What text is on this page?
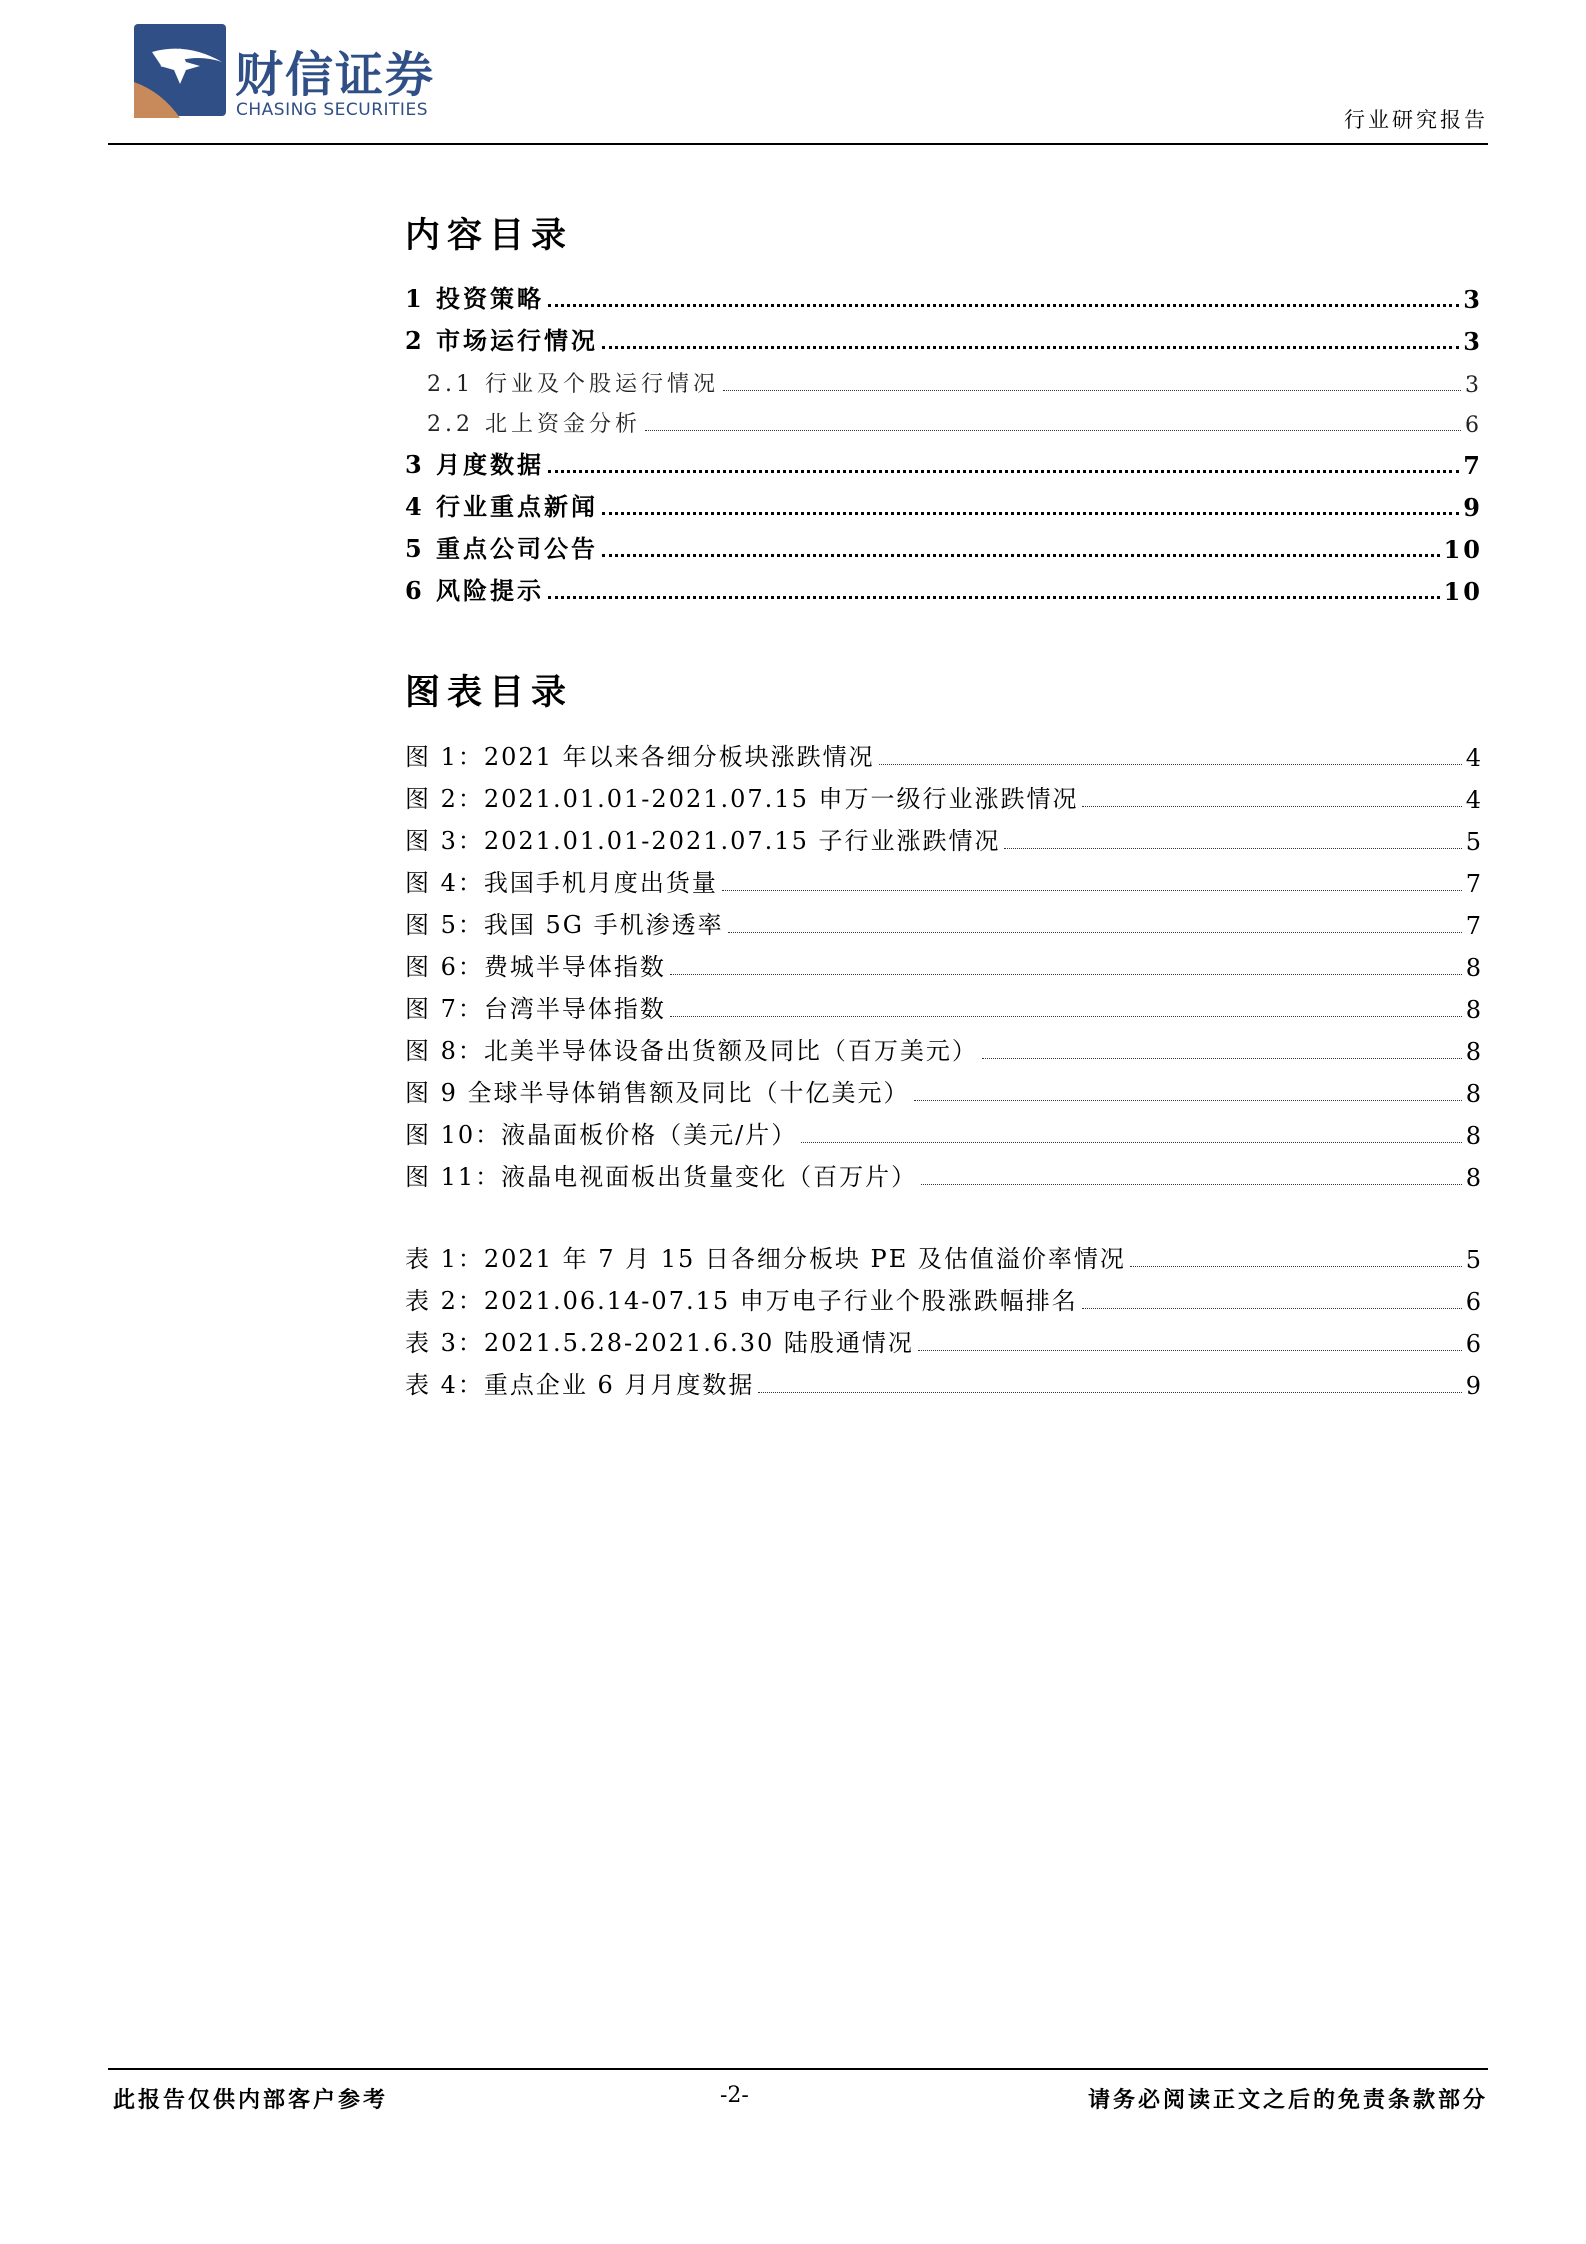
财信证券
CHASING SECURITIES	行业研究报告
内容目录
1 投资策略	3
2 市场运行情况	3
2.1 行业及个股运行情况	3
2.2 北上资金分析	6
3 月度数据	7
4 行业重点新闻	9
5 重点公司公告	10
6 风险提示	10
图表目录
图 1：2021 年以来各细分板块涨跌情况	4
图 2：2021.01.01-2021.07.15 申万一级行业涨跌情况	4
图 3：2021.01.01-2021.07.15 子行业涨跌情况	5
图 4：我国手机月度出货量	7
图 5：我国 5G 手机渗透率	7
图 6：费城半导体指数	8
图 7：台湾半导体指数	8
图 8：北美半导体设备出货额及同比（百万美元）	8
图 9 全球半导体销售额及同比（十亿美元）	8
图 10：液晶面板价格（美元/片）	8
图 11：液晶电视面板出货量变化（百万片）	8
表 1：2021 年 7 月 15 日各细分板块 PE 及估值溢价率情况	5
表 2：2021.06.14-07.15 申万电子行业个股涨跌幅排名	6
表 3：2021.5.28-2021.6.30 陆股通情况	6
表 4：重点企业 6 月月度数据	9
此报告仅供内部客户参考	-2-	请务必阅读正文之后的免责条款部分
